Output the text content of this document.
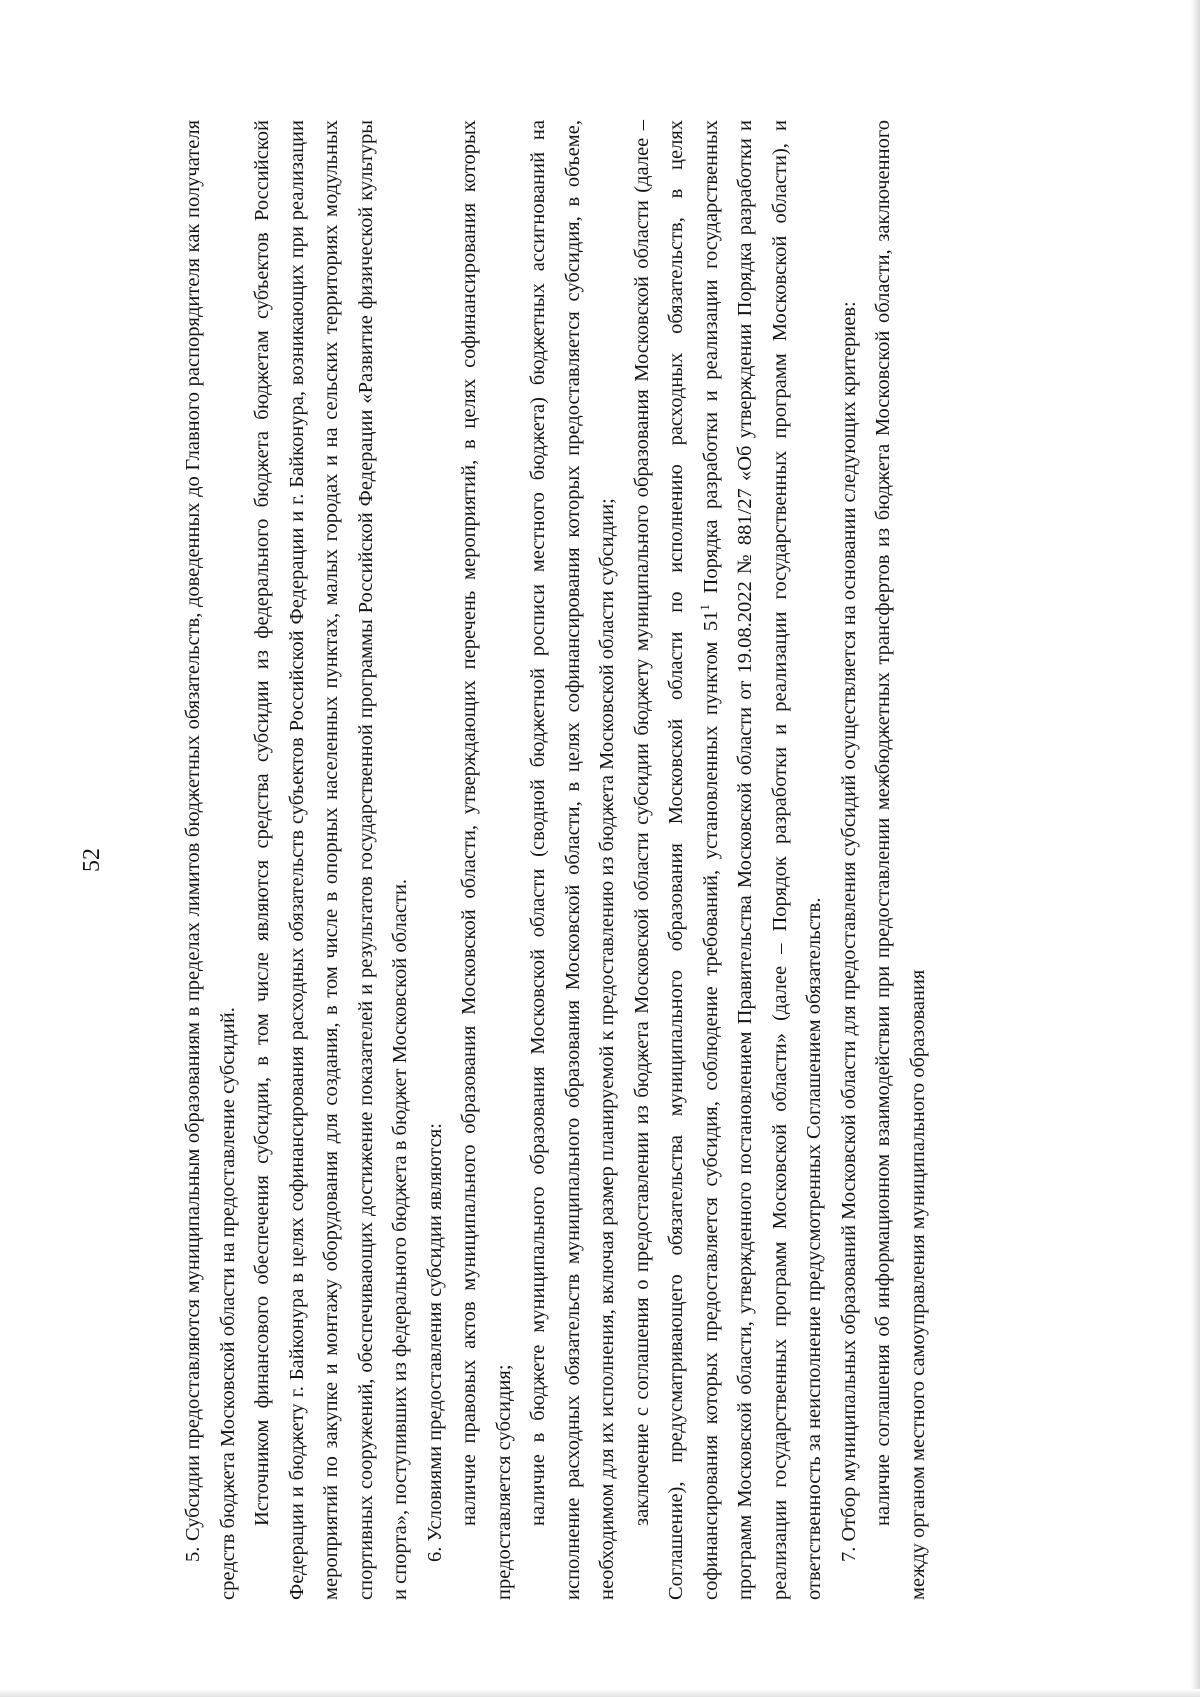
52	5. Субсидии предоставляются муниципальным образованиям в пределах лимитов бюджетных обязательств, доведенных до Главного распорядителя как получателя средств бюджета Московской области на предоставление субсидий. Источником финансового обеспечения субсидии, в том числе являются средства субсидии из федерального бюджета бюджетам субъектов Российской Федерации и бюджету г. Байконура в целях софинансирования расходных обязательств субъектов Российской Федерации и г. Байконура, возникающих при реализации мероприятий по закупке и монтажу оборудования для создания, в том числе в опорных населенных пунктах, малых городах и на сельских территориях модульных спортивных сооружений, обеспечивающих достижение показателей и результатов государственной программы Российской Федерации «Развитие физической культуры и спорта», поступивших из федерального бюджета в бюджет Московской области. 6. Условиями предоставления субсидии являются: наличие правовых актов муниципального образования Московской области, утверждающих перечень мероприятий, в целях софинансирования которых предоставляется субсидия; наличие в бюджете муниципального образования Московской области (сводной бюджетной росписи местного бюджета) бюджетных ассигнований на исполнение расходных обязательств муниципального образования Московской области, в целях софинансирования которых предоставляется субсидия, в объеме, необходимом для их исполнения, включая размер планируемой к предоставлению из бюджета Московской области субсидии; заключение с соглашения о предоставлении из бюджета Московской области субсидии бюджету муниципального образования Московской области (далее – Соглашение), предусматривающего обязательства муниципального образования Московской области по исполнению расходных обязательств, в целях софинансирования которых предоставляется субсидия, соблюдение требований, установленных пунктом $51^1$ Порядка разработки и реализации государственных программ Московской области, утвержденного постановлением Правительства Московской области от 19.08.2022 № 881/27 «Об утверждении Порядка разработки и реализации государственных программ Московской области» (далее – Порядок разработки и реализации государственных программ Московской области), и ответственность за неисполнение предусмотренных Соглашением обязательств. 7. Отбор муниципальных образований Московской области для предоставления субсидий осуществляется на основании следующих критериев: наличие соглашения об информационном взаимодействии при предоставлении межбюджетных трансфертов из бюджета Московской области, заключенного между органом местного самоуправления муниципального образования
